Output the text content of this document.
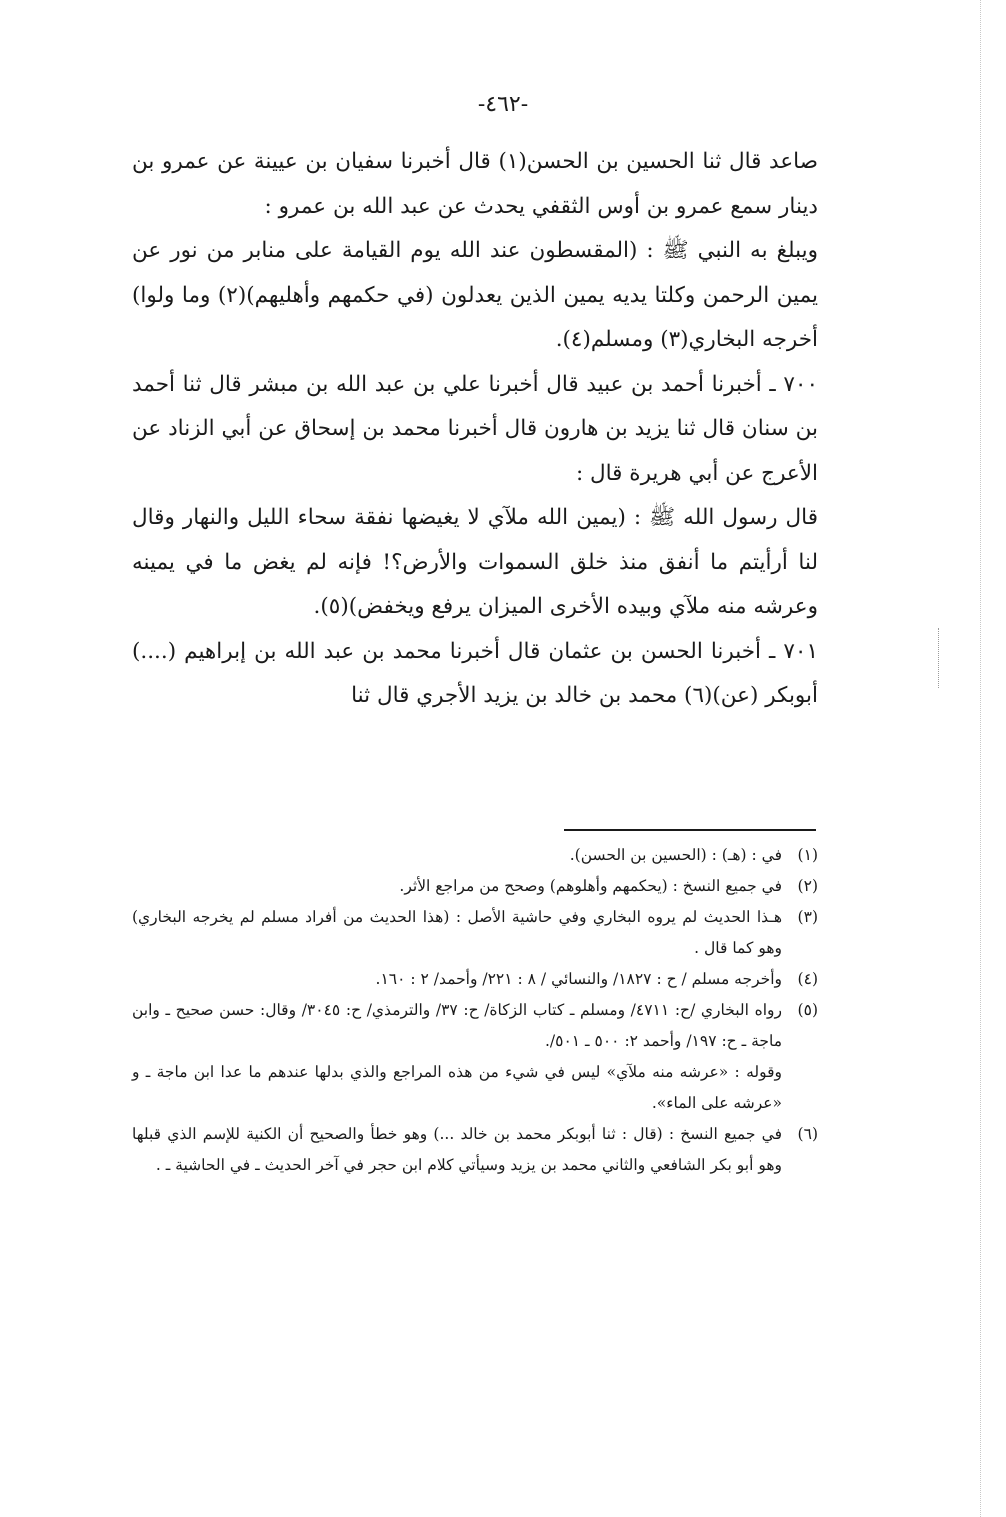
-٤٦٢-

صاعد قال ثنا الحسين بن الحسن(١) قال أخبرنا سفيان بن عيينة عن عمرو بن دينار سمع عمرو بن أوس الثقفي يحدث عن عبد الله بن عمرو :

ويبلغ به النبي ﷺ : (المقسطون عند الله يوم القيامة على منابر من نور عن يمين الرحمن وكلتا يديه يمين الذين يعدلون (في حكمهم وأهليهم)(٢) وما ولوا) أخرجه البخاري(٣) ومسلم(٤).

٧٠٠ ـ أخبرنا أحمد بن عبيد قال أخبرنا علي بن عبد الله بن مبشر قال ثنا أحمد بن سنان قال ثنا يزيد بن هارون قال أخبرنا محمد بن إسحاق عن أبي الزناد عن الأعرج عن أبي هريرة قال :

قال رسول الله ﷺ : (يمين الله ملآي لا يغيضها نفقة سحاء الليل والنهار وقال لنا أرأيتم ما أنفق منذ خلق السموات والأرض؟! فإنه لم يغض ما في يمينه وعرشه منه ملآي وبيده الأخرى الميزان يرفع ويخفض)(٥).

٧٠١ ـ أخبرنا الحسن بن عثمان قال أخبرنا محمد بن عبد الله بن إبراهيم (....) أبوبكر (عن)(٦) محمد بن خالد بن يزيد الأجري قال ثنا

(١)
في : (هـ) : (الحسين بن الحسن).
(٢)
في جميع النسخ : (يحكمهم وأهلوهم) وصحح من مراجع الأثر.
(٣)
هـذا الحديث لم يروه البخاري وفي حاشية الأصل : (هذا الحديث من أفراد مسلم لم يخرجه البخاري) وهو كما قال .
(٤)
وأخرجه مسلم / ح : ١٨٢٧/ والنسائي / ٨ : ٢٢١/ وأحمد/ ٢ : ١٦٠.
(٥)
رواه البخاري /ح: ٤٧١١/ ومسلم ـ كتاب الزكاة/ ح: ٣٧/ والترمذي/ ح: ٣٠٤٥/ وقال: حسن صحيح ـ وابن ماجة ـ ح: ١٩٧/ وأحمد ٢: ٥٠٠ ـ ٥٠١/.
وقوله : «عرشه منه ملآي» ليس في شيء من هذه المراجع والذي بدلها عندهم ما عدا ابن ماجة ـ و «عرشه على الماء».
(٦)
في جميع النسخ : (قال : ثنا أبوبكر محمد بن خالد ...) وهو خطأ والصحيح أن الكنية للإسم الذي قبلها وهو أبو بكر الشافعي والثاني محمد بن يزيد وسيأتي كلام ابن حجر في آخر الحديث ـ في الحاشية ـ .
